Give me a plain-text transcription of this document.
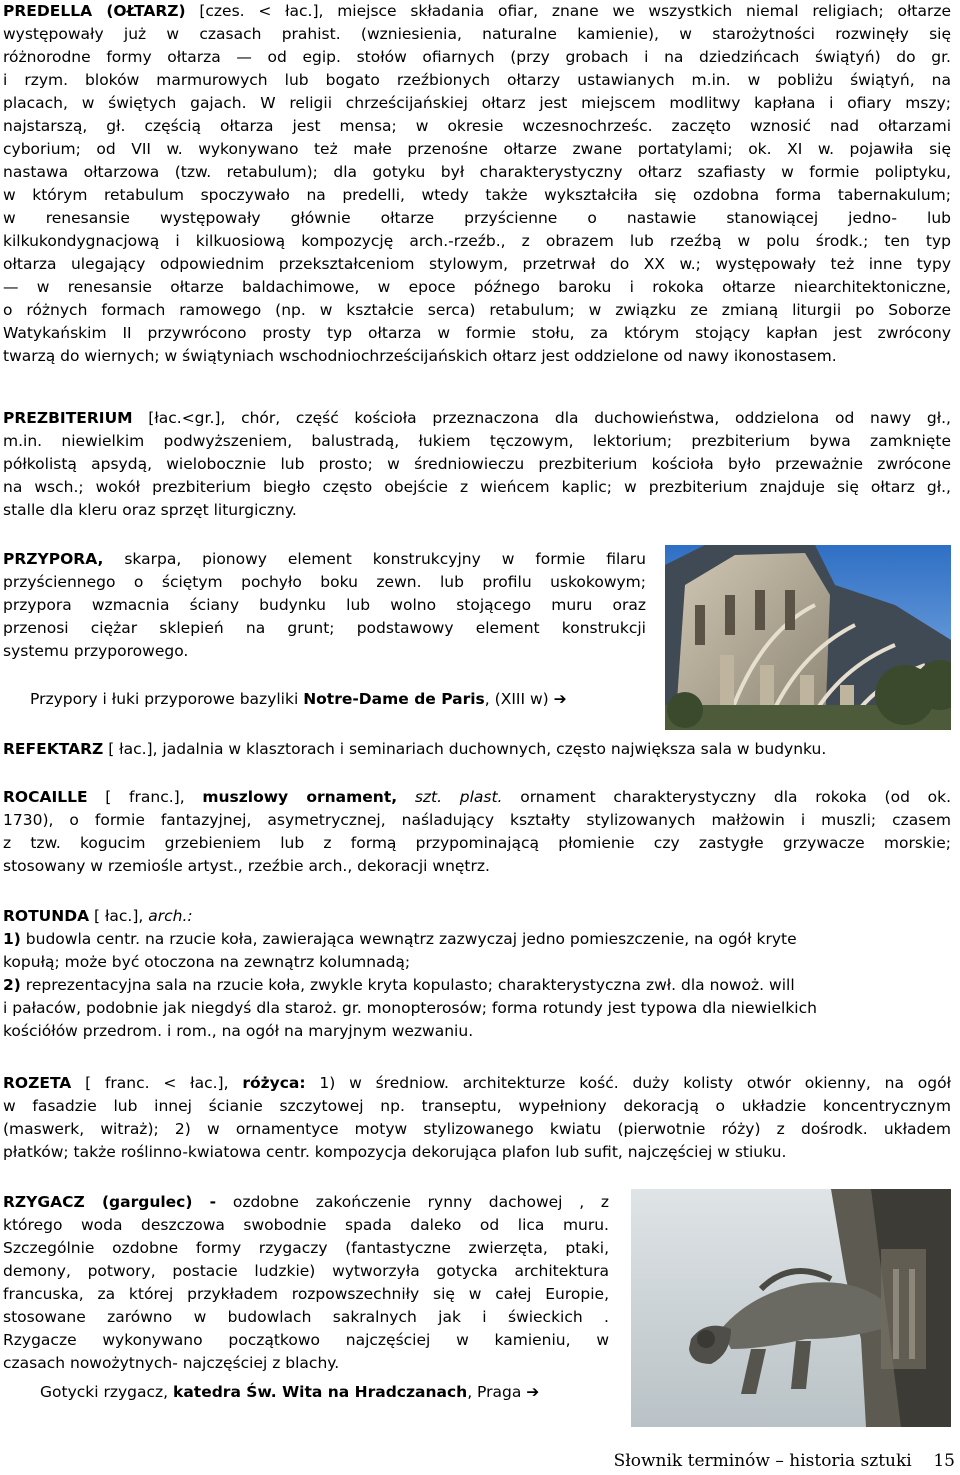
PREDELLA (OŁTARZ) [czes. < łac.], miejsce składania ofiar, znane we wszystkich niemal religiach; ołtarze
występowały już w czasach prahist. (wzniesienia, naturalne kamienie), w starożytności rozwinęły się
różnorodne formy ołtarza — od egip. stołów ofiarnych (przy grobach i na dziedzińcach świątyń) do gr.
i rzym. bloków marmurowych lub bogato rzeźbionych ołtarzy ustawianych m.in. w pobliżu świątyń, na
placach, w świętych gajach. W religii chrześcijańskiej ołtarz jest miejscem modlitwy kapłana i ofiary mszy;
najstarszą, gł. częścią ołtarza jest mensa; w okresie wczesnochrześc. zaczęto wznosić nad ołtarzami
cyborium; od VII w. wykonywano też małe przenośne ołtarze zwane portatylami; ok. XI w. pojawiła się
nastawa ołtarzowa (tzw. retabulum); dla gotyku był charakterystyczny ołtarz szafiasty w formie poliptyku,
w którym retabulum spoczywało na predelli, wtedy także wykształciła się ozdobna forma tabernakulum;
w renesansie występowały głównie ołtarze przyścienne o nastawie stanowiącej jedno- lub
kilkukondygnacjową i kilkuosiową kompozycję arch.-rzeźb., z obrazem lub rzeźbą w polu środk.; ten typ
ołtarza ulegający odpowiednim przekształceniom stylowym, przetrwał do XX w.; występowały też inne typy
— w renesansie ołtarze baldachimowe, w epoce późnego baroku i rokoka ołtarze niearchitektoniczne,
o różnych formach ramowego (np. w kształcie serca) retabulum; w związku ze zmianą liturgii po Soborze
Watykańskim II przywrócono prosty typ ołtarza w formie stołu, za którym stojący kapłan jest zwrócony
twarzą do wiernych; w świątyniach wschodniochrześcijańskich ołtarz jest oddzielone od nawy ikonostasem.
PREZBITERIUM [łac.<gr.], chór, część kościoła przeznaczona dla duchowieństwa, oddzielona od nawy gł.,
m.in. niewielkim podwyższeniem, balustradą, łukiem tęczowym, lektorium; prezbiterium bywa zamknięte
półkolistą apsydą, wielobocznie lub prosto; w średniowieczu prezbiterium kościoła było przeważnie zwrócone
na wsch.; wokół prezbiterium biegło często obejście z wieńcem kaplic; w prezbiterium znajduje się ołtarz gł.,
stalle dla kleru oraz sprzęt liturgiczny.
PRZYPORA, skarpa, pionowy element konstrukcyjny w formie filaru
przyściennego o ściętym pochyło boku zewn. lub profilu uskokowym;
przypora wzmacnia ściany budynku lub wolno stojącego muru oraz
przenosi ciężar sklepień na grunt; podstawowy element konstrukcji
systemu przyporowego.
Przypory i łuki przyporowe bazyliki Notre-Dame de Paris, (XIII w) ➔
REFEKTARZ [ łac.], jadalnia w klasztorach i seminariach duchownych, często największa sala w budynku.
ROCAILLE [ franc.], muszlowy ornament, szt. plast. ornament charakterystyczny dla rokoka (od ok.
1730), o formie fantazyjnej, asymetrycznej, naśladujący kształty stylizowanych małżowin i muszli; czasem
z tzw. kogucim grzebieniem lub z formą przypominającą płomienie czy zastygłe grzywacze morskie;
stosowany w rzemiośle artyst., rzeźbie arch., dekoracji wnętrz.
ROTUNDA [ łac.], arch.:
1) budowla centr. na rzucie koła, zawierająca wewnątrz zazwyczaj jedno pomieszczenie, na ogół kryte
kopułą; może być otoczona na zewnątrz kolumnadą;
2) reprezentacyjna sala na rzucie koła, zwykle kryta kopulasto; charakterystyczna zwł. dla nowoż. will
i pałaców, podobnie jak niegdyś dla staroż. gr. monopterosów; forma rotundy jest typowa dla niewielkich
kościółów przedrom. i rom., na ogół na maryjnym wezwaniu.
ROZETA [ franc. < łac.], różyca: 1) w średniow. architekturze kość. duży kolisty otwór okienny, na ogół
w fasadzie lub innej ścianie szczytowej np. transeptu, wypełniony dekoracją o układzie koncentrycznym
(maswerk, witraż); 2) w ornamentyce motyw stylizowanego kwiatu (pierwotnie róży) z dośrodk. układem
płatków; także roślinno-kwiatowa centr. kompozycja dekorująca plafon lub sufit, najczęściej w stiuku.
RZYGACZ (gargulec) - ozdobne zakończenie rynny dachowej , z
którego woda deszczowa swobodnie spada daleko od lica muru.
Szczególnie ozdobne formy rzygaczy (fantastyczne zwierzęta, ptaki,
demony, potwory, postacie ludzkie) wytworzyła gotycka architektura
francuska, za której przykładem rozpowszechniły się w całej Europie,
stosowane zarówno w budowlach sakralnych jak i świeckich .
Rzygacze wykonywano początkowo najczęściej w kamieniu, w
czasach nowożytnych- najczęściej z blachy.
Gotycki rzygacz, katedra Św. Wita na Hradczanach, Praga ➔
Słownik terminów – historia sztuki 15
